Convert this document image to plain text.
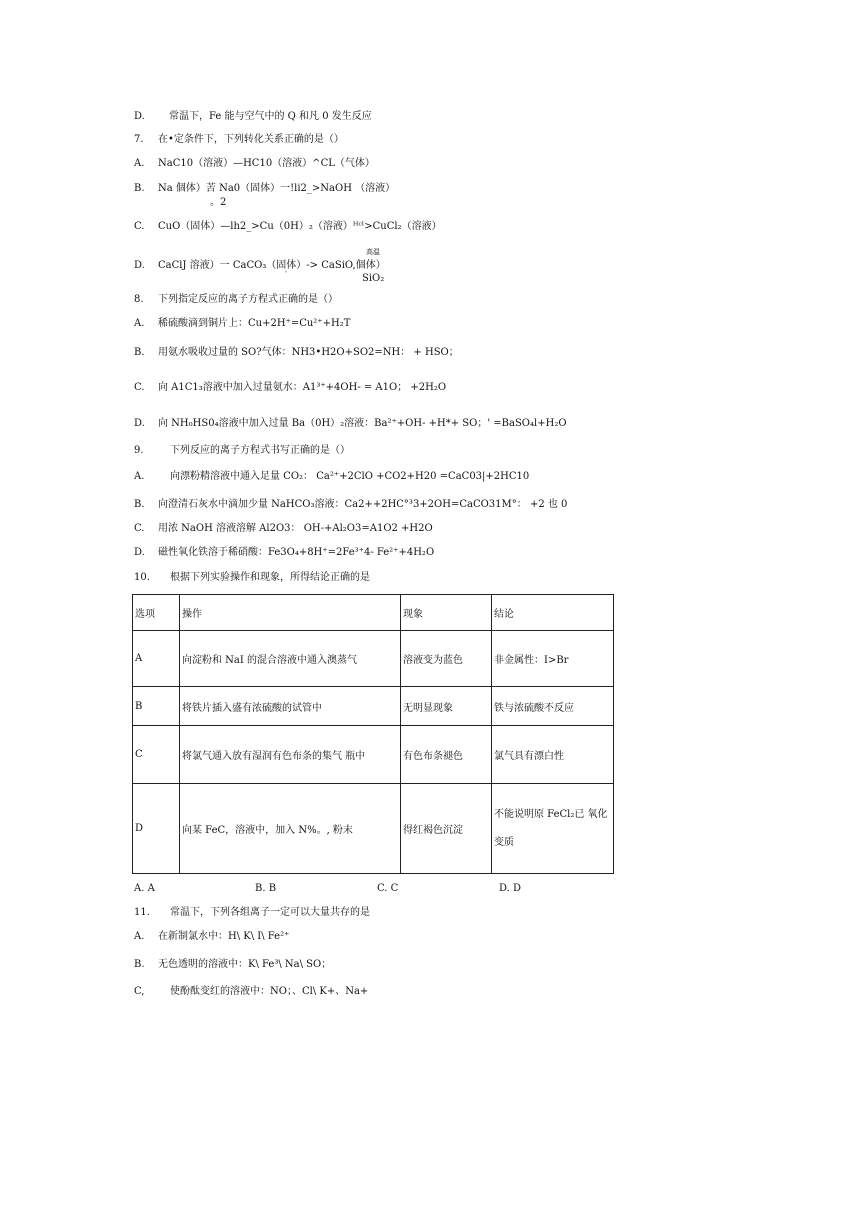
D. 常温下，Fe 能与空气中的 Q 和凡 0 发生反应
7. 在•定条件下，下列转化关系正确的是（）
A. NaC10（溶液）—HC10（溶液）^CL（气体）
B. Na 個体）苦 Na0（固体）一!li2_>NaOH （溶液）
。2
C. CuO（固体）—lh2_>Cu（0H）₂（溶液）ᴴᶜˡ>CuCl₂（溶液）
高温
D. CaClJ 溶液）一 CaCO₃（固体）-> CaSiO,個体）
'	SiO₂
8. 下列指定反应的离子方程式正确的是（）
A. 稀硫酸滴到铜片上：Cu+2H⁺=Cu²⁺+H₂T
B. 用氨水吸收过量的 SO?气体：NH3•H2O+SO2=NH： + HSO；
C. 向 A1C1₃溶液中加入过量氨水：A1³⁺+4OH- = A1O； +2H₂O
D. 向 NH₀HS0₄溶液中加入过量 Ba（0H）₂溶液：Ba²⁺+OH- +H*+ SO；' =BaSO₄l+H₂O
9.	下列反应的离子方程式书写正确的是（）
A.	向漂粉精溶液中通入足量 CO₂： Ca²⁺+2ClO +CO2+H20 =CaC03|+2HC10
B. 向澄清石灰水中滴加少量 NaHCO₃溶液：Ca2++2HC°³3+2OH=CaCO31M°： +2 也 0
C. 用浓 NaOH 溶液溶解 Al2O3： OH-+Al₂O3=A1O2 +H2O
D. 磁性氧化铁溶于稀硝酸：Fe3O₄+8H⁺=2Fe³⁺4- Fe²⁺+4H₂O
10. 根据下列实验操作和现象，所得结论正确的是
选项	操作	现象	结论
A	向淀粉和 NaI 的混合溶液中通入澳蒸气	溶液变为蓝色	非金属性：I>Br
B	将铁片插入盛有浓硫酸的试管中	无明显现象	铁与浓硫酸不反应
C	将氯气通入放有湿润有色布条的集气 瓶中	有色布条褪色	氯气具有漂白性
D	向某 FeC，溶液中，加入 N%。, 粉末	得红褐色沉淀	不能说明原 FeCl₂已 氧化
变质
A. A	B. B	C. C	D. D
11. 常温下，下列各组离子一定可以大量共存的是
A. 在新制氯水中：H\ K\ I\ Fe²⁺
B. 无色透明的溶液中：K\ Fe³\ Na\ SO；
C,	使酚酞变红的溶液中：NO；、Cl\ K+、Na+
